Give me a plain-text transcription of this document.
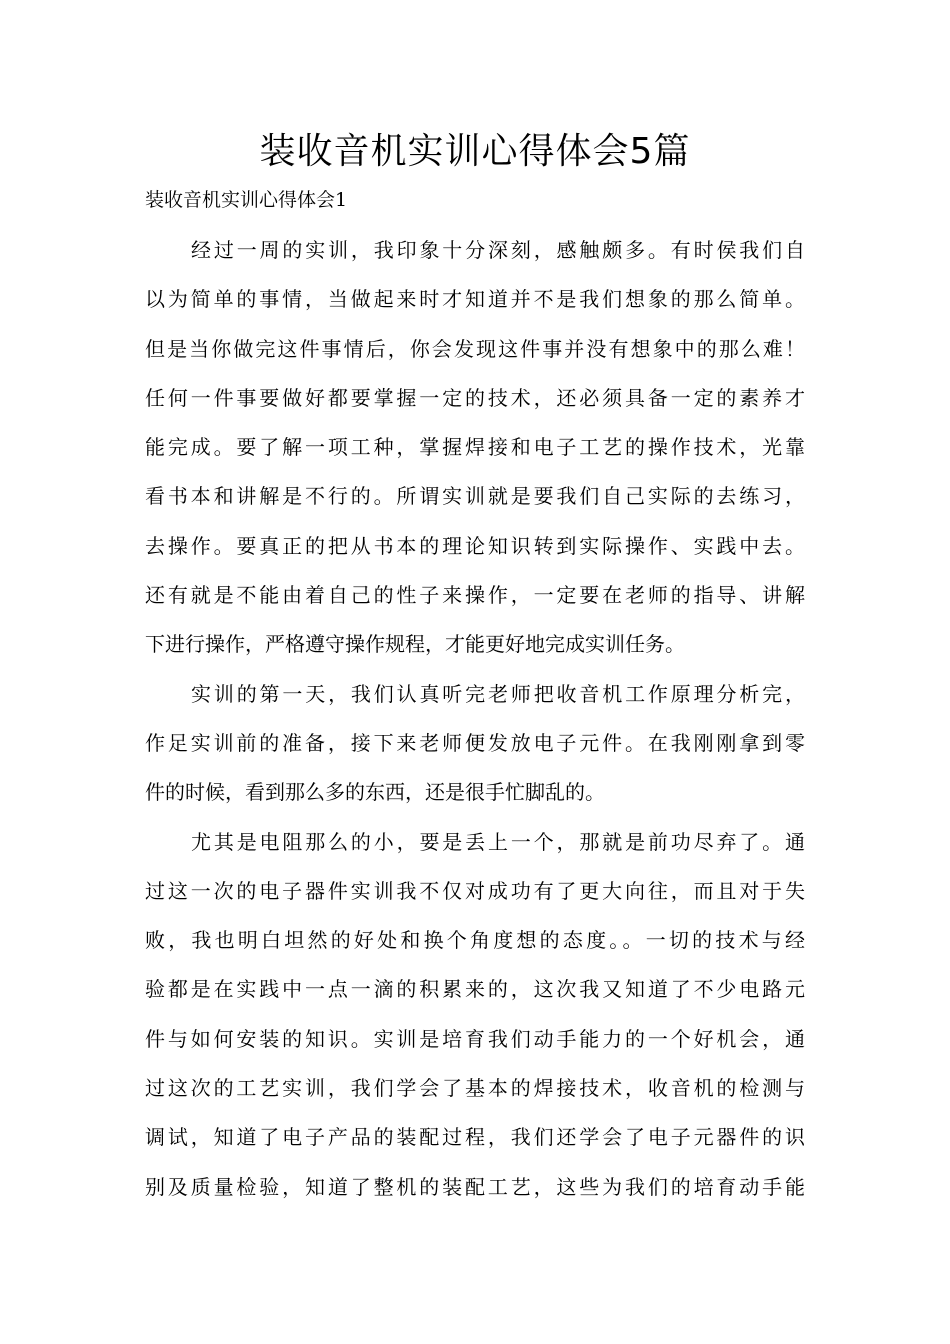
装收音机实训心得体会5篇

装收音机实训心得体会1

经过一周的实训，我印象十分深刻，感触颇多。有时侯我们自
以为简单的事情，当做起来时才知道并不是我们想象的那么简单。
但是当你做完这件事情后，你会发现这件事并没有想象中的那么难！
任何一件事要做好都要掌握一定的技术，还必须具备一定的素养才
能完成。要了解一项工种，掌握焊接和电子工艺的操作技术，光靠
看书本和讲解是不行的。所谓实训就是要我们自己实际的去练习，
去操作。要真正的把从书本的理论知识转到实际操作、实践中去。
还有就是不能由着自己的性子来操作，一定要在老师的指导、讲解
下进行操作，严格遵守操作规程，才能更好地完成实训任务。
实训的第一天，我们认真听完老师把收音机工作原理分析完，
作足实训前的准备，接下来老师便发放电子元件。在我刚刚拿到零
件的时候，看到那么多的东西，还是很手忙脚乱的。
尤其是电阻那么的小，要是丢上一个，那就是前功尽弃了。通
过这一次的电子器件实训我不仅对成功有了更大向往，而且对于失
败，我也明白坦然的好处和换个角度想的态度。。一切的技术与经
验都是在实践中一点一滴的积累来的，这次我又知道了不少电路元
件与如何安装的知识。实训是培育我们动手能力的一个好机会，通
过这次的工艺实训，我们学会了基本的焊接技术，收音机的检测与
调试，知道了电子产品的装配过程，我们还学会了电子元器件的识
别及质量检验，知道了整机的装配工艺，这些为我们的培育动手能
